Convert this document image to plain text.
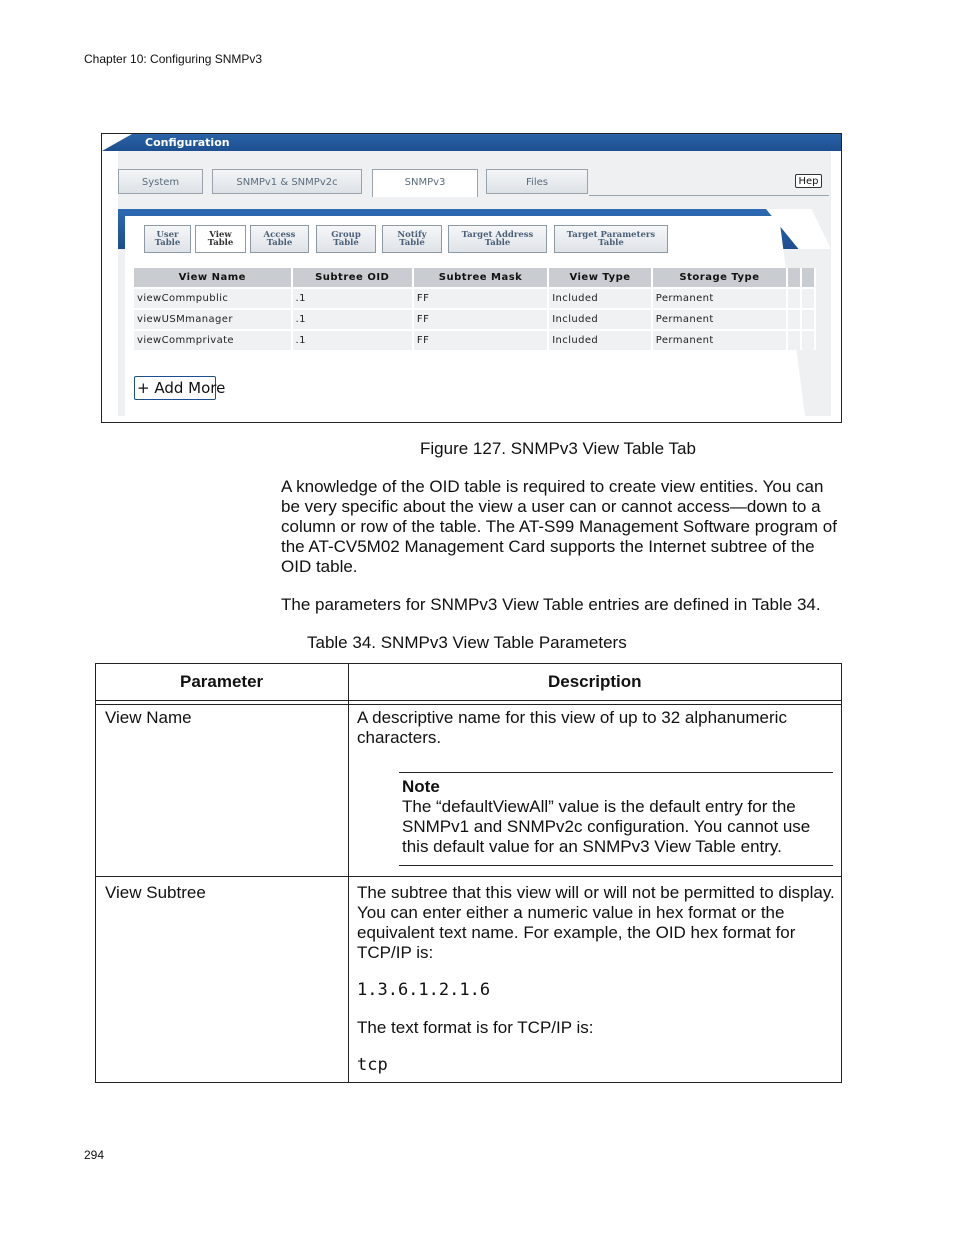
Chapter 10: Configuring SNMPv3
Configuration
System	SNMPv1 & SNMPv2c	SNMPv3	Files	Hep
User
Table
View
Table
Access
Table
Group
Table
Notify
Table
Target Address
Table
Target Parameters
Table
View Name	Subtree OID	Subtree Mask	View Type	Storage Type		
viewCommpublic	.1	FF	Included	Permanent		
viewUSMmanager	.1	FF	Included	Permanent		
viewCommprivate	.1	FF	Included	Permanent		
+ Add More
Figure 127. SNMPv3 View Table Tab

A knowledge of the OID table is required to create view entities. You can be very specific about the view a user can or cannot access—down to a column or row of the table. The AT-S99 Management Software program of the AT-CV5M02 Management Card supports the Internet subtree of the OID table.

The parameters for SNMPv3 View Table entries are defined in Table 34.

Table 34. SNMPv3 View Table Parameters
Parameter	Description

View Name	A descriptive name for this view of up to 32 alphanumeric characters.

Note

The “defaultViewAll” value is the default entry for the SNMPv1 and SNMPv2c configuration. You cannot use this default value for an SNMPv3 View Table entry.

View Subtree	The subtree that this view will or will not be permitted to display. You can enter either a numeric value in hex format or the equivalent text name. For example, the OID hex format for TCP/IP is:

1.3.6.1.2.1.6

The text format is for TCP/IP is:

tcp

294
